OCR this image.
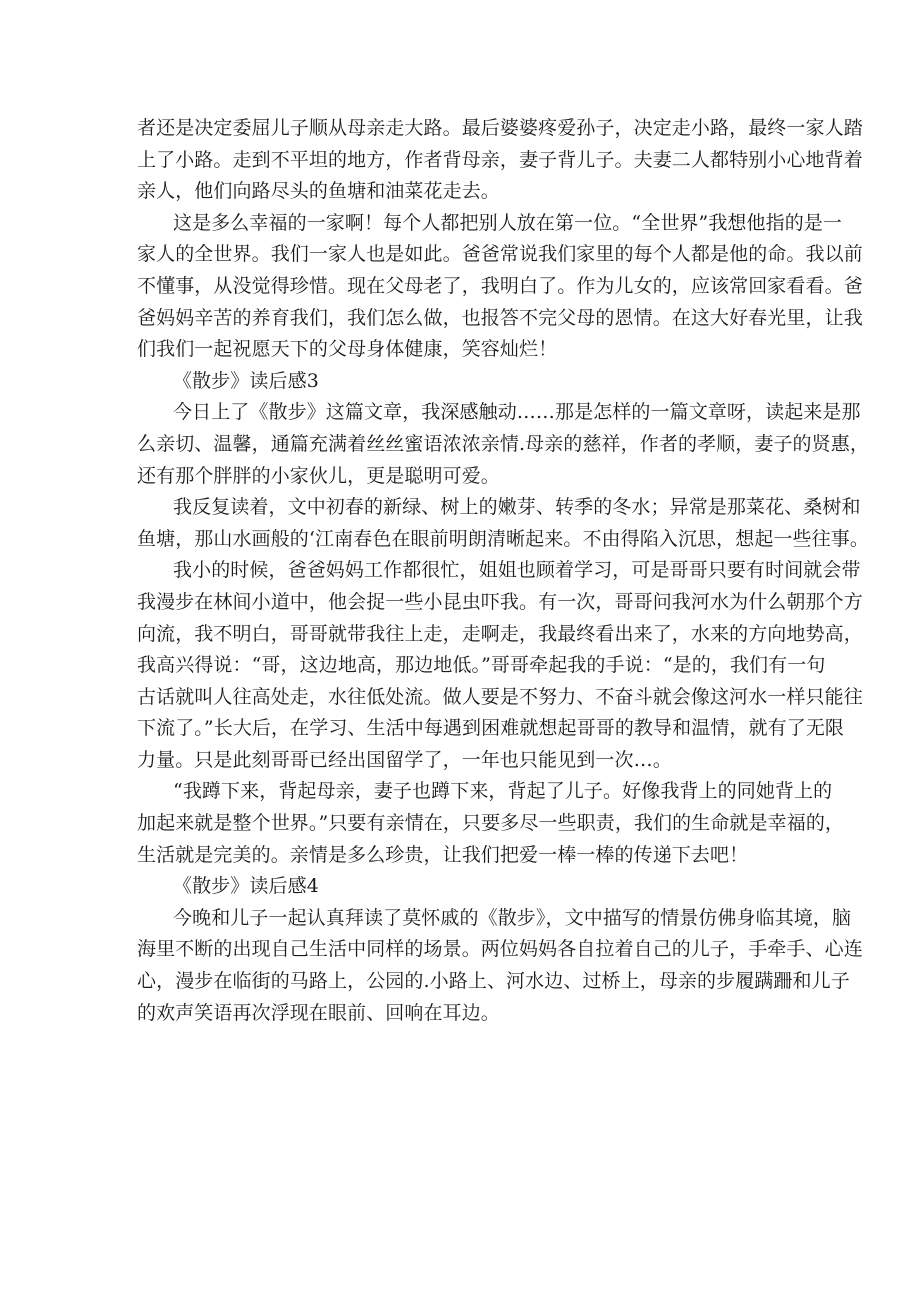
者还是决定委屈儿子顺从母亲走大路。最后婆婆疼爱孙子，决定走小路，最终一家人踏
上了小路。走到不平坦的地方，作者背母亲，妻子背儿子。夫妻二人都特别小心地背着
亲人，他们向路尽头的鱼塘和油菜花走去。
这是多么幸福的一家啊！每个人都把别人放在第一位。“全世界”我想他指的是一
家人的全世界。我们一家人也是如此。爸爸常说我们家里的每个人都是他的命。我以前
不懂事，从没觉得珍惜。现在父母老了，我明白了。作为儿女的，应该常回家看看。爸
爸妈妈辛苦的养育我们，我们怎么做，也报答不完父母的恩情。在这大好春光里，让我
们我们一起祝愿天下的父母身体健康，笑容灿烂！
《散步》读后感3
今日上了《散步》这篇文章，我深感触动……那是怎样的一篇文章呀，读起来是那
么亲切、温馨，通篇充满着丝丝蜜语浓浓亲情.母亲的慈祥，作者的孝顺，妻子的贤惠，
还有那个胖胖的小家伙儿，更是聪明可爱。
我反复读着，文中初春的新绿、树上的嫩芽、转季的冬水；异常是那菜花、桑树和
鱼塘，那山水画般的‘江南春色在眼前明朗清晰起来。不由得陷入沉思，想起一些往事。
我小的时候，爸爸妈妈工作都很忙，姐姐也顾着学习，可是哥哥只要有时间就会带
我漫步在林间小道中，他会捉一些小昆虫吓我。有一次，哥哥问我河水为什么朝那个方
向流，我不明白，哥哥就带我往上走，走啊走，我最终看出来了，水来的方向地势高，
我高兴得说：“哥，这边地高，那边地低。”哥哥牵起我的手说：“是的，我们有一句
古话就叫人往高处走，水往低处流。做人要是不努力、不奋斗就会像这河水一样只能往
下流了。”长大后，在学习、生活中每遇到困难就想起哥哥的教导和温情，就有了无限
力量。只是此刻哥哥已经出国留学了，一年也只能见到一次…。
“我蹲下来，背起母亲，妻子也蹲下来，背起了儿子。好像我背上的同她背上的
加起来就是整个世界。”只要有亲情在，只要多尽一些职责，我们的生命就是幸福的，
生活就是完美的。亲情是多么珍贵，让我们把爱一棒一棒的传递下去吧！
《散步》读后感4
今晚和儿子一起认真拜读了莫怀戚的《散步》，文中描写的情景仿佛身临其境，脑
海里不断的出现自己生活中同样的场景。两位妈妈各自拉着自己的儿子，手牵手、心连
心，漫步在临街的马路上，公园的.小路上、河水边、过桥上，母亲的步履蹒跚和儿子
的欢声笑语再次浮现在眼前、回响在耳边。
